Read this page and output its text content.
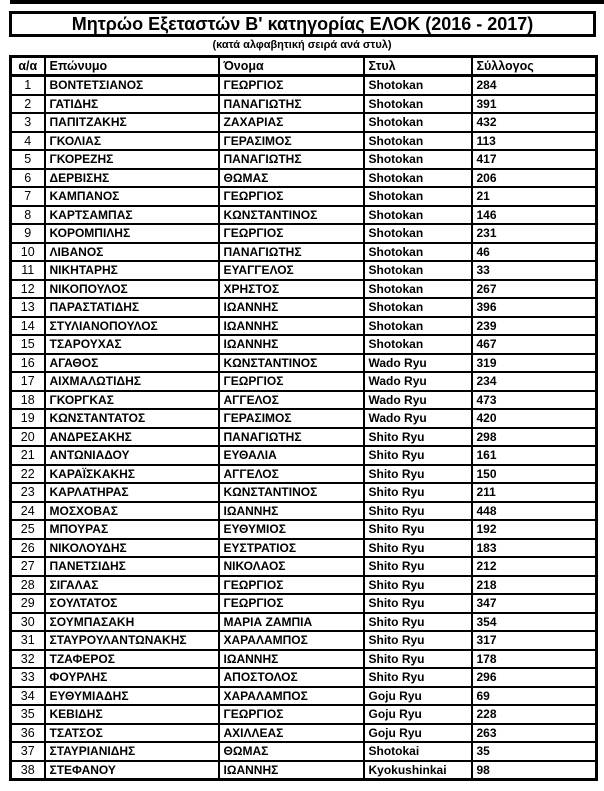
Μητρώο Εξεταστών Β' κατηγορίας ΕΛΟΚ (2016 - 2017)
(κατά αλφαβητική σειρά ανά στυλ)
α/α	Επώνυμο	Όνομα	Στυλ	Σύλλογος
1	ΒΟΝΤΕΤΣΙΑΝΟΣ	ΓΕΩΡΓΙΟΣ	Shotokan	284
2	ΓΑΤΙΔΗΣ	ΠΑΝΑΓΙΩΤΗΣ	Shotokan	391
3	ΠΑΠΙΤΖΑΚΗΣ	ΖΑΧΑΡΙΑΣ	Shotokan	432
4	ΓΚΟΛΙΑΣ	ΓΕΡΑΣΙΜΟΣ	Shotokan	113
5	ΓΚΟΡΕΖΗΣ	ΠΑΝΑΓΙΩΤΗΣ	Shotokan	417
6	ΔΕΡΒΙΣΗΣ	ΘΩΜΑΣ	Shotokan	206
7	ΚΑΜΠΑΝΟΣ	ΓΕΩΡΓΙΟΣ	Shotokan	21
8	ΚΑΡΤΣΑΜΠΑΣ	ΚΩΝΣΤΑΝΤΙΝΟΣ	Shotokan	146
9	ΚΟΡΟΜΠΙΛΗΣ	ΓΕΩΡΓΙΟΣ	Shotokan	231
10	ΛΙΒΑΝΟΣ	ΠΑΝΑΓΙΩΤΗΣ	Shotokan	46
11	ΝΙΚΗΤΑΡΗΣ	ΕΥΑΓΓΕΛΟΣ	Shotokan	33
12	ΝΙΚΟΠΟΥΛΟΣ	ΧΡΗΣΤΟΣ	Shotokan	267
13	ΠΑΡΑΣΤΑΤΙΔΗΣ	ΙΩΑΝΝΗΣ	Shotokan	396
14	ΣΤΥΛΙΑΝΟΠΟΥΛΟΣ	ΙΩΑΝΝΗΣ	Shotokan	239
15	ΤΣΑΡΟΥΧΑΣ	ΙΩΑΝΝΗΣ	Shotokan	467
16	ΑΓΑΘΟΣ	ΚΩΝΣΤΑΝΤΙΝΟΣ	Wado Ryu	319
17	ΑΙΧΜΑΛΩΤΙΔΗΣ	ΓΕΩΡΓΙΟΣ	Wado Ryu	234
18	ΓΚΟΡΓΚΑΣ	ΑΓΓΕΛΟΣ	Wado Ryu	473
19	ΚΩΝΣΤΑΝΤΑΤΟΣ	ΓΕΡΑΣΙΜΟΣ	Wado Ryu	420
20	ΑΝΔΡΕΣΑΚΗΣ	ΠΑΝΑΓΙΩΤΗΣ	Shito Ryu	298
21	ΑΝΤΩΝΙΑΔΟΥ	ΕΥΘΑΛΙΑ	Shito Ryu	161
22	ΚΑΡΑΪΣΚΑΚΗΣ	ΑΓΓΕΛΟΣ	Shito Ryu	150
23	ΚΑΡΛΑΤΗΡΑΣ	ΚΩΝΣΤΑΝΤΙΝΟΣ	Shito Ryu	211
24	ΜΟΣΧΟΒΑΣ	ΙΩΑΝΝΗΣ	Shito Ryu	448
25	ΜΠΟΥΡΑΣ	ΕΥΘΥΜΙΟΣ	Shito Ryu	192
26	ΝΙΚΟΛΟΥΔΗΣ	ΕΥΣΤΡΑΤΙΟΣ	Shito Ryu	183
27	ΠΑΝΕΤΣΙΔΗΣ	ΝΙΚΟΛΑΟΣ	Shito Ryu	212
28	ΣΙΓΑΛΑΣ	ΓΕΩΡΓΙΟΣ	Shito Ryu	218
29	ΣΟΥΛΤΑΤΟΣ	ΓΕΩΡΓΙΟΣ	Shito Ryu	347
30	ΣΟΥΜΠΑΣΑΚΗ	ΜΑΡΙΑ ΖΑΜΠΙΑ	Shito Ryu	354
31	ΣΤΑΥΡΟΥΛΑΝΤΩΝΑΚΗΣ	ΧΑΡΑΛΑΜΠΟΣ	Shito Ryu	317
32	ΤΖΑΦΕΡΟΣ	ΙΩΑΝΝΗΣ	Shito Ryu	178
33	ΦΟΥΡΛΗΣ	ΑΠΟΣΤΟΛΟΣ	Shito Ryu	296
34	ΕΥΘΥΜΙΑΔΗΣ	ΧΑΡΑΛΑΜΠΟΣ	Goju Ryu	69
35	ΚΕΒΙΔΗΣ	ΓΕΩΡΓΙΟΣ	Goju Ryu	228
36	ΤΣΑΤΣΟΣ	ΑΧΙΛΛΕΑΣ	Goju Ryu	263
37	ΣΤΑΥΡΙΑΝΙΔΗΣ	ΘΩΜΑΣ	Shotokai	35
38	ΣΤΕΦΑΝΟΥ	ΙΩΑΝΝΗΣ	Kyokushinkai	98
